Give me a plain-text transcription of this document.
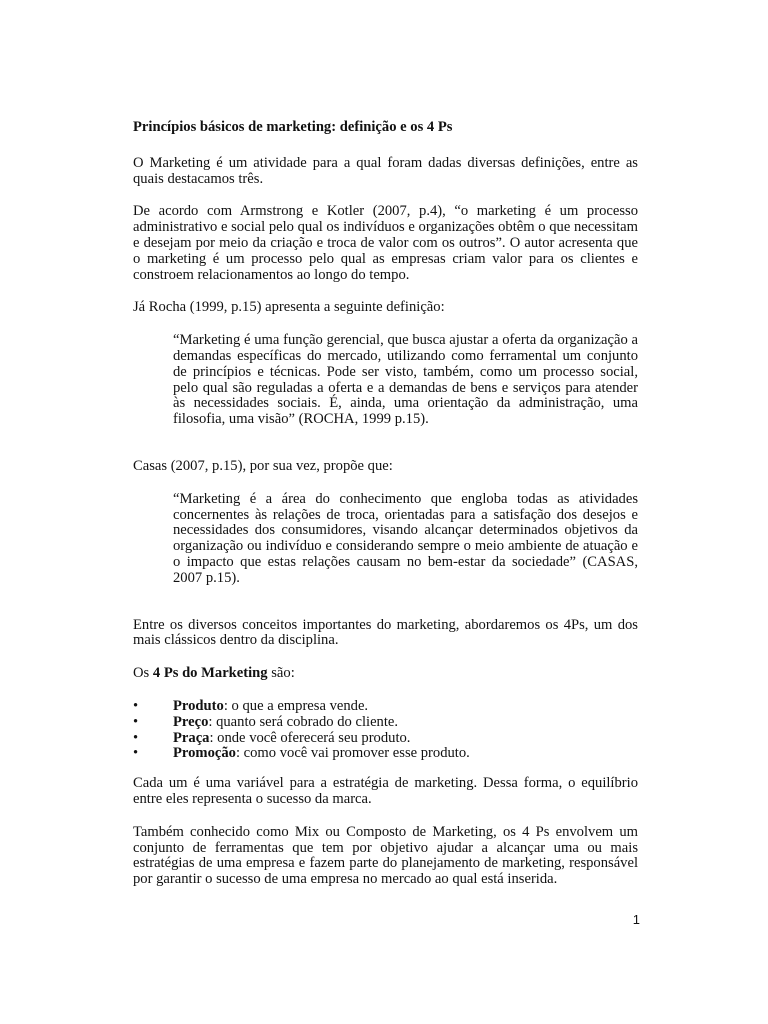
Princípios básicos de marketing: definição e os 4 Ps

O Marketing é um atividade para a qual foram dadas diversas definições, entre as quais destacamos três.

De acordo com Armstrong e Kotler (2007, p.4), “o marketing é um processo administrativo e social pelo qual os indivíduos e organizações obtêm o que necessitam e desejam por meio da criação e troca de valor com os outros”. O autor acresenta que o marketing é um processo pelo qual as empresas criam valor para os clientes e constroem relacionamentos ao longo do tempo.

Já Rocha (1999, p.15) apresenta a seguinte definição:

“Marketing é uma função gerencial, que busca ajustar a oferta da organização a demandas específicas do mercado, utilizando como ferramental um conjunto de princípios e técnicas. Pode ser visto, também, como um processo social, pelo qual são reguladas a oferta e a demandas de bens e serviços para atender às necessidades sociais. É, ainda, uma orientação da administração, uma filosofia, uma visão” (ROCHA, 1999 p.15).

Casas (2007, p.15), por sua vez, propõe que:

“Marketing é a área do conhecimento que engloba todas as atividades concernentes às relações de troca, orientadas para a satisfação dos desejos e necessidades dos consumidores, visando alcançar determinados objetivos da organização ou indivíduo e considerando sempre o meio ambiente de atuação e o impacto que estas relações causam no bem-estar da sociedade” (CASAS, 2007 p.15).

Entre os diversos conceitos importantes do marketing, abordaremos os 4Ps, um dos mais clássicos dentro da disciplina.

Os 4 Ps do Marketing são:

•	Produto: o que a empresa vende.
•	Preço: quanto será cobrado do cliente.
•	Praça: onde você oferecerá seu produto.
•	Promoção: como você vai promover esse produto.

Cada um é uma variável para a estratégia de marketing. Dessa forma, o equilíbrio entre eles representa o sucesso da marca.

Também conhecido como Mix ou Composto de Marketing, os 4 Ps envolvem um conjunto de ferramentas que tem por objetivo ajudar a alcançar uma ou mais estratégias de uma empresa e fazem parte do planejamento de marketing, responsável por garantir o sucesso de uma empresa no mercado ao qual está inserida.

1
